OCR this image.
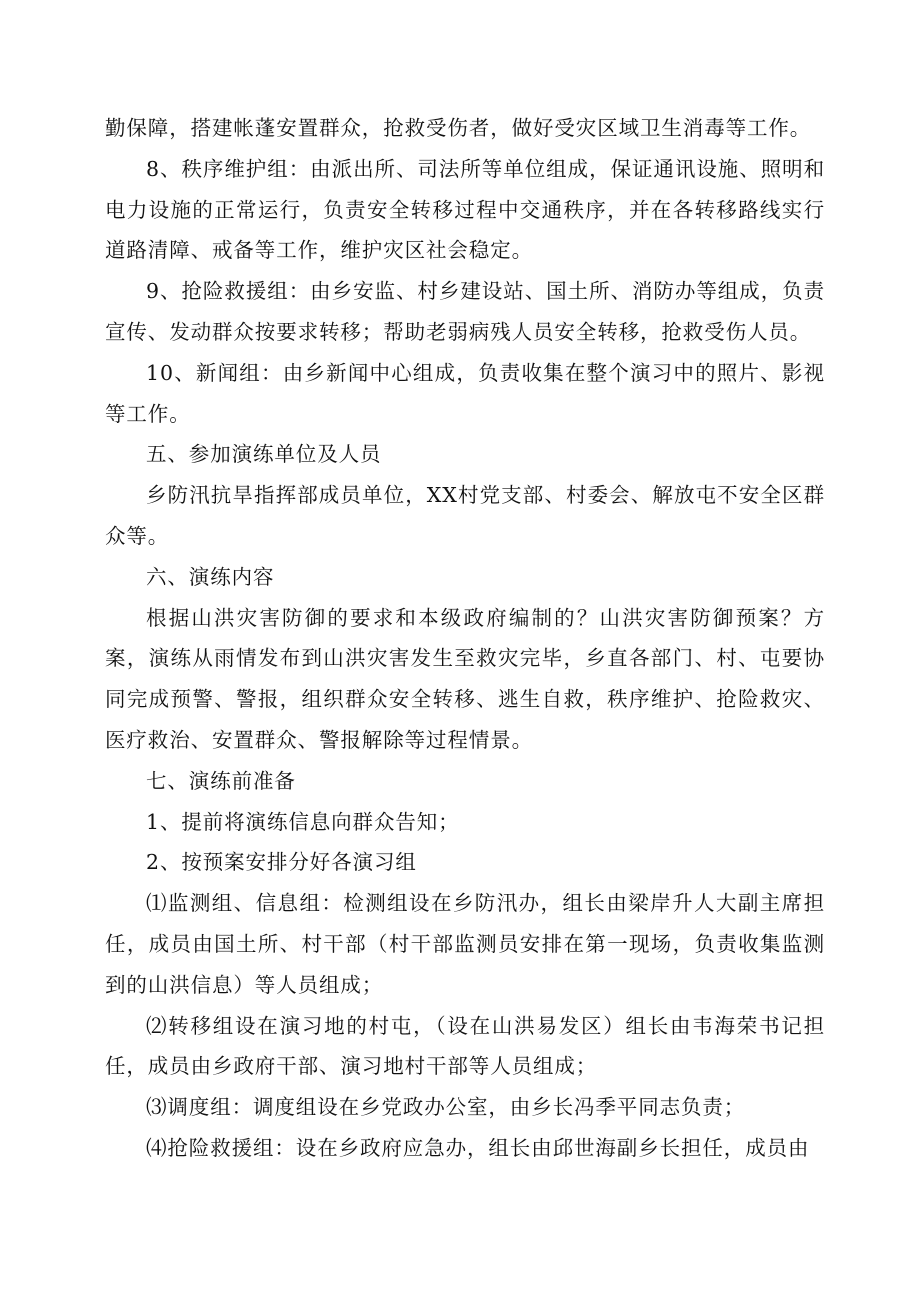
勤保障，搭建帐蓬安置群众，抢救受伤者，做好受灾区域卫生消毒等工作。

8、秩序维护组：由派出所、司法所等单位组成，保证通讯设施、照明和电力设施的正常运行，负责安全转移过程中交通秩序，并在各转移路线实行道路清障、戒备等工作，维护灾区社会稳定。

9、抢险救援组：由乡安监、村乡建设站、国土所、消防办等组成，负责宣传、发动群众按要求转移；帮助老弱病残人员安全转移，抢救受伤人员。

10、新闻组：由乡新闻中心组成，负责收集在整个演习中的照片、影视等工作。

五、参加演练单位及人员

乡防汛抗旱指挥部成员单位，XX村党支部、村委会、解放屯不安全区群众等。

六、演练内容

根据山洪灾害防御的要求和本级政府编制的？山洪灾害防御预案？方案，演练从雨情发布到山洪灾害发生至救灾完毕，乡直各部门、村、屯要协同完成预警、警报，组织群众安全转移、逃生自救，秩序维护、抢险救灾、医疗救治、安置群众、警报解除等过程情景。

七、演练前准备

1、提前将演练信息向群众告知；

2、按预案安排分好各演习组

⑴监测组、信息组：检测组设在乡防汛办，组长由梁岸升人大副主席担任，成员由国土所、村干部（村干部监测员安排在第一现场，负责收集监测到的山洪信息）等人员组成；

⑵转移组设在演习地的村屯，（设在山洪易发区）组长由韦海荣书记担任，成员由乡政府干部、演习地村干部等人员组成；

⑶调度组：调度组设在乡党政办公室，由乡长冯季平同志负责；

⑷抢险救援组：设在乡政府应急办，组长由邱世海副乡长担任，成员由
